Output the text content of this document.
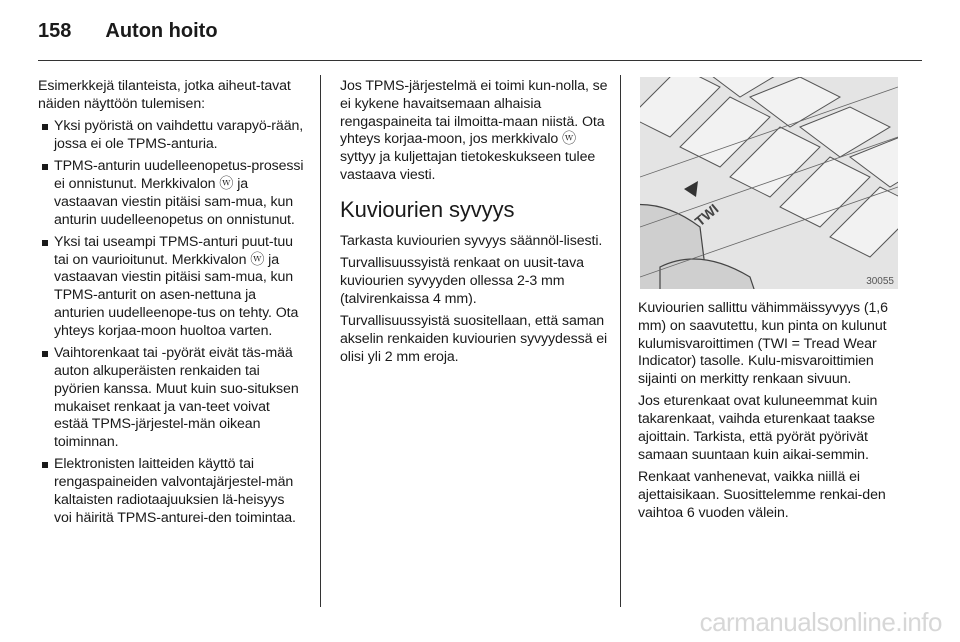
158 Auton hoito

Esimerkkejä tilanteista, jotka aiheut-tavat näiden näyttöön tulemisen:

Yksi pyöristä on vaihdettu varapyö-rään, jossa ei ole TPMS-anturia.
TPMS-anturin uudelleenopetus-prosessi ei onnistunut. Merkkivalon ⓦ ja vastaavan viestin pitäisi sam-mua, kun anturin uudelleenopetus on onnistunut.
Yksi tai useampi TPMS-anturi puut-tuu tai on vaurioitunut. Merkkivalon ⓦ ja vastaavan viestin pitäisi sam-mua, kun TPMS-anturit on asen-nettuna ja anturien uudelleenope-tus on tehty. Ota yhteys korjaa-moon huoltoa varten.
Vaihtorenkaat tai -pyörät eivät täs-mää auton alkuperäisten renkaiden tai pyörien kanssa. Muut kuin suo-situksen mukaiset renkaat ja van-teet voivat estää TPMS-järjestel-män oikean toiminnan.
Elektronisten laitteiden käyttö tai rengaspaineiden valvontajärjestel-män kaltaisten radiotaajuuksien lä-heisyys voi häiritä TPMS-anturei-den toimintaa.

Jos TPMS-järjestelmä ei toimi kun-nolla, se ei kykene havaitsemaan alhaisia rengaspaineita tai ilmoitta-maan niistä. Ota yhteys korjaa-moon, jos merkkivalo ⓦ syttyy ja kuljettajan tietokeskukseen tulee vastaava viesti.

Kuviourien syvyys

Tarkasta kuviourien syvyys säännöl-lisesti.

Turvallisuussyistä renkaat on uusit-tava kuviourien syvyyden ollessa 2-3 mm (talvirenkaissa 4 mm).

Turvallisuussyistä suositellaan, että saman akselin renkaiden kuviourien syvyydessä ei olisi yli 2 mm eroja.

TWI
30055

Kuviourien sallittu vähimmäissyvyys (1,6 mm) on saavutettu, kun pinta on kulunut kulumisvaroittimen (TWI = Tread Wear Indicator) tasolle. Kulu-misvaroittimien sijainti on merkitty renkaan sivuun.

Jos eturenkaat ovat kuluneemmat kuin takarenkaat, vaihda eturenkaat taakse ajoittain. Tarkista, että pyörät pyörivät samaan suuntaan kuin aikai-semmin.

Renkaat vanhenevat, vaikka niillä ei ajettaisikaan. Suosittelemme renkai-den vaihtoa 6 vuoden välein.

carmanualsonline.info
